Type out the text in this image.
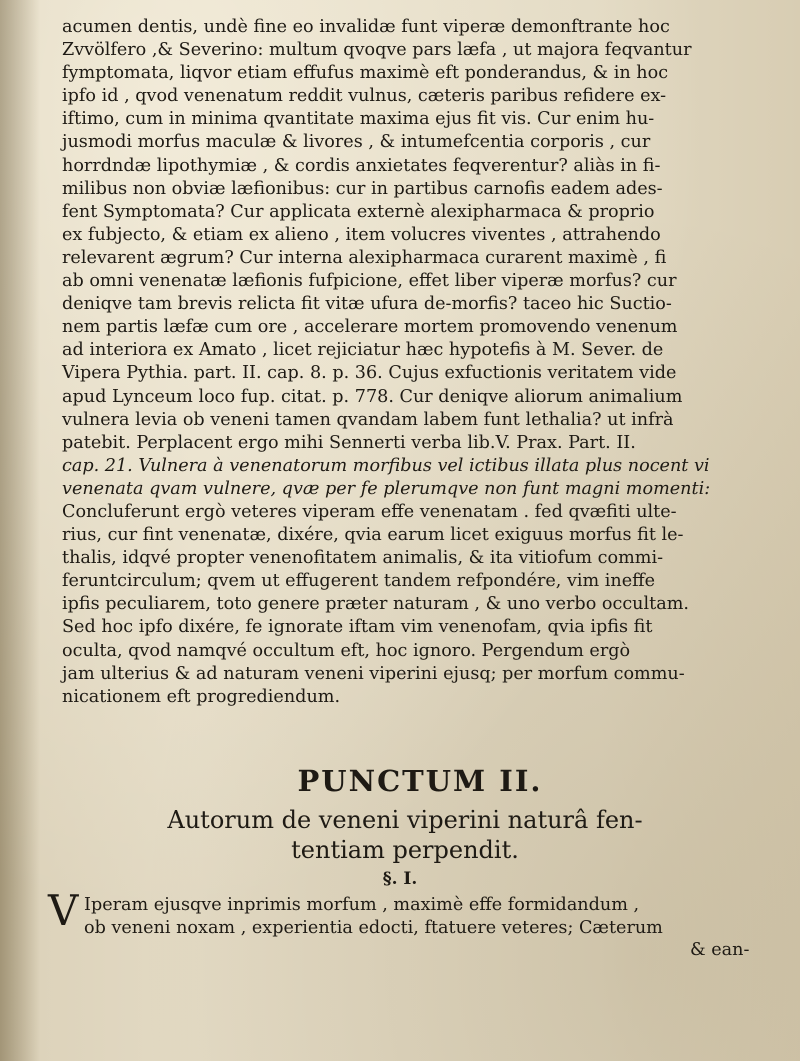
acumen dentis, undè fine eo invalidæ funt viperæ demonftrante hoc
Zvvölfero ,& Severino: multum qvoqve pars læfa , ut majora feqvantur
fymptomata, liqvor etiam effufus maximè eft ponderandus, & in hoc
ipfo id , qvod venenatum reddit vulnus, cæteris paribus refidere ex-
iftimo, cum in minima qvantitate maxima ejus fit vis. Cur enim hu-
jusmodi morfus maculæ & livores , & intumefcentia corporis , cur
horrdndæ lipothymiæ , & cordis anxietates feqverentur? aliàs in fi-
milibus non obviæ læfionibus: cur in partibus carnofis eadem ades-
fent Symptomata? Cur applicata externè alexipharmaca & proprio
ex fubjecto, & etiam ex alieno , item volucres viventes , attrahendo
relevarent ægrum? Cur interna alexipharmaca curarent maximè , fi
ab omni venenatæ læfionis fufpicione, effet liber viperæ morfus? cur
deniqve tam brevis relicta fit vitæ ufura de-morfis? taceo hic Suctio-
nem partis læfæ cum ore , accelerare mortem promovendo venenum
ad interiora ex Amato , licet rejiciatur hæc hypotefis à M. Sever. de
Vipera Pythia. part. II. cap. 8. p. 36. Cujus exfuctionis veritatem vide
apud Lynceum loco fup. citat. p. 778. Cur deniqve aliorum animalium
vulnera levia ob veneni tamen qvandam labem funt lethalia? ut infrà
patebit. Perplacent ergo mihi Sennerti verba lib.V. Prax. Part. II.
cap. 21. Vulnera à venenatorum morfibus vel ictibus illata plus nocent vi
venenata qvam vulnere, qvæ per fe plerumqve non funt magni momenti:
Concluferunt ergò veteres viperam effe venenatam . fed qvæfiti ulte-
rius, cur fint venenatæ, dixére, qvia earum licet exiguus morfus fit le-
thalis, idqvé propter venenofitatem animalis, & ita vitiofum commi-
feruntcirculum; qvem ut effugerent tandem refpondére, vim ineffe
ipfis peculiarem, toto genere præter naturam , & uno verbo occultam.
Sed hoc ipfo dixére, fe ignorate iftam vim venenofam, qvia ipfis fit
oculta, qvod namqvé occultum eft, hoc ignoro. Pergendum ergò
jam ulterius & ad naturam veneni viperini ejusq; per morfum commu-
nicationem eft progrediendum.
PUNCTUM II.
Autorum de veneni viperini naturâ fen-
tentiam perpendit.
§. I.
V Iperam ejusqve inprimis morfum , maximè effe formidandum ,
ob veneni noxam , experientia edocti, ftatuere veteres; Cæterum
& ean-
